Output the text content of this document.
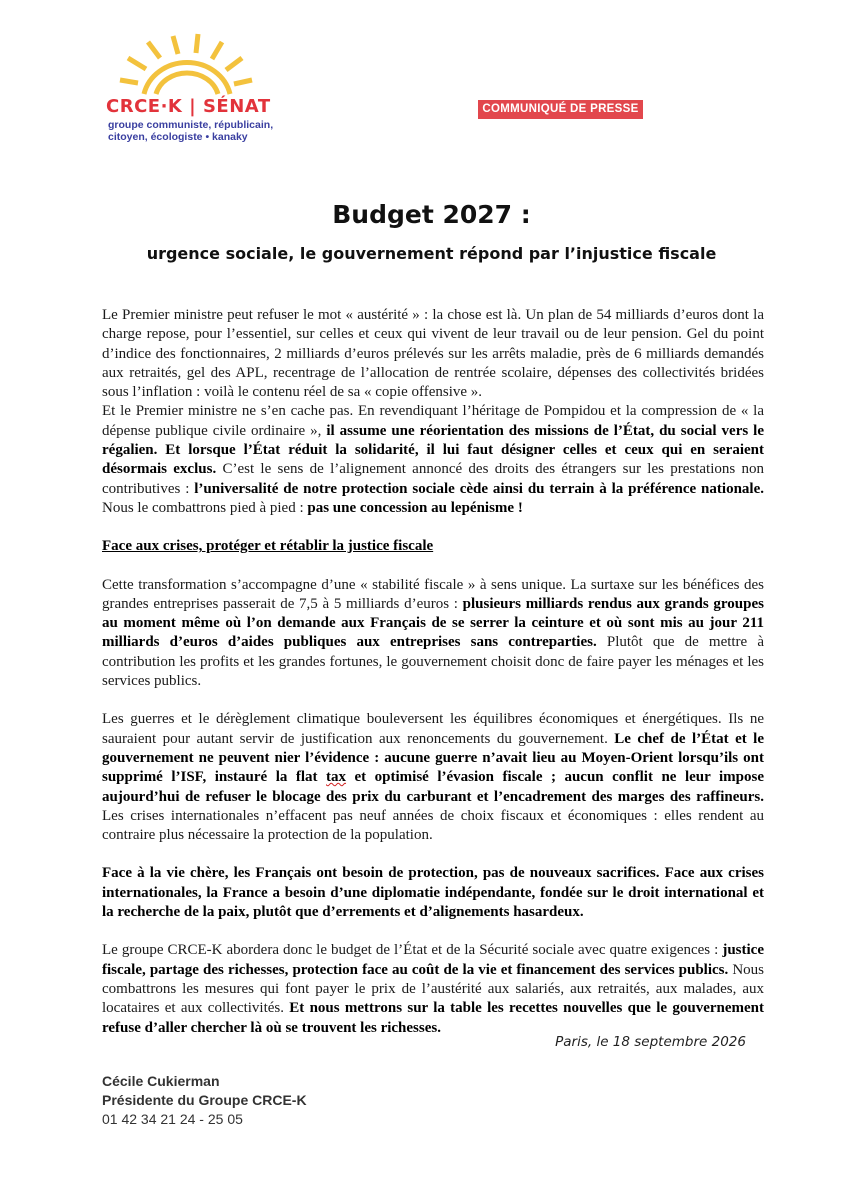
CRCE·K | SÉNAT
groupe communiste, républicain,
citoyen, écologiste • kanaky
COMMUNIQUÉ DE PRESSE
Budget 2027 :
urgence sociale, le gouvernement répond par l’injustice fiscale

Le Premier ministre peut refuser le mot « austérité » : la chose est là. Un plan de 54 milliards d’euros dont la charge repose, pour l’essentiel, sur celles et ceux qui vivent de leur travail ou de leur pension. Gel du point d’indice des fonctionnaires, 2 milliards d’euros prélevés sur les arrêts maladie, près de 6 milliards demandés aux retraités, gel des APL, recentrage de l’allocation de rentrée scolaire, dépenses des collectivités bridées sous l’inflation : voilà le contenu réel de sa « copie offensive ».

Et le Premier ministre ne s’en cache pas. En revendiquant l’héritage de Pompidou et la compression de « la dépense publique civile ordinaire », il assume une réorientation des missions de l’État, du social vers le régalien. Et lorsque l’État réduit la solidarité, il lui faut désigner celles et ceux qui en seraient désormais exclus. C’est le sens de l’alignement annoncé des droits des étrangers sur les prestations non contributives : l’universalité de notre protection sociale cède ainsi du terrain à la préférence nationale. Nous le combattrons pied à pied : pas une concession au lepénisme !

Face aux crises, protéger et rétablir la justice fiscale

Cette transformation s’accompagne d’une « stabilité fiscale » à sens unique. La surtaxe sur les bénéfices des grandes entreprises passerait de 7,5 à 5 milliards d’euros : plusieurs milliards rendus aux grands groupes au moment même où l’on demande aux Français de se serrer la ceinture et où sont mis au jour 211 milliards d’euros d’aides publiques aux entreprises sans contreparties. Plutôt que de mettre à contribution les profits et les grandes fortunes, le gouvernement choisit donc de faire payer les ménages et les services publics.

Les guerres et le dérèglement climatique bouleversent les équilibres économiques et énergétiques. Ils ne sauraient pour autant servir de justification aux renoncements du gouvernement. Le chef de l’État et le gouvernement ne peuvent nier l’évidence : aucune guerre n’avait lieu au Moyen-Orient lorsqu’ils ont supprimé l’ISF, instauré la flat tax et optimisé l’évasion fiscale ; aucun conflit ne leur impose aujourd’hui de refuser le blocage des prix du carburant et l’encadrement des marges des raffineurs. Les crises internationales n’effacent pas neuf années de choix fiscaux et économiques : elles rendent au contraire plus nécessaire la protection de la population.

Face à la vie chère, les Français ont besoin de protection, pas de nouveaux sacrifices. Face aux crises internationales, la France a besoin d’une diplomatie indépendante, fondée sur le droit international et la recherche de la paix, plutôt que d’errements et d’alignements hasardeux.

Le groupe CRCE-K abordera donc le budget de l’État et de la Sécurité sociale avec quatre exigences : justice fiscale, partage des richesses, protection face au coût de la vie et financement des services publics. Nous combattrons les mesures qui font payer le prix de l’austérité aux salariés, aux retraités, aux malades, aux locataires et aux collectivités. Et nous mettrons sur la table les recettes nouvelles que le gouvernement refuse d’aller chercher là où se trouvent les richesses.

Paris, le 18 septembre 2026
Cécile Cukierman
Présidente du Groupe CRCE-K
01 42 34 21 24 - 25 05
